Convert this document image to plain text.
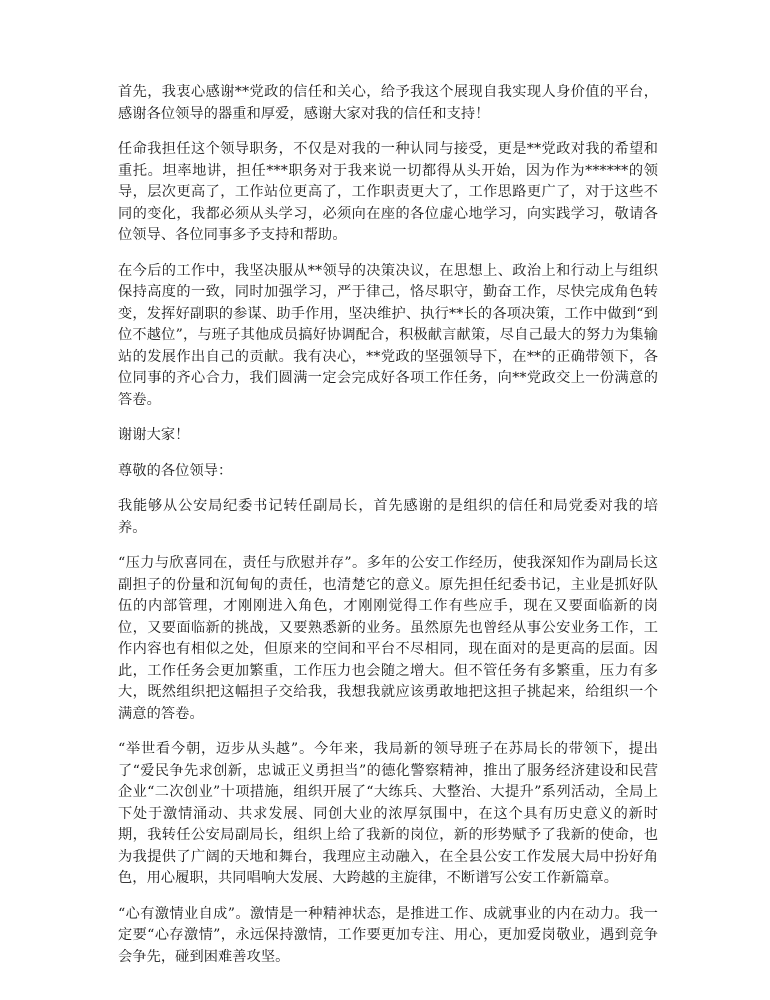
首先，我衷心感谢**党政的信任和关心，给予我这个展现自我实现人身价值的平台，感谢各位领导的器重和厚爱，感谢大家对我的信任和支持！

任命我担任这个领导职务，不仅是对我的一种认同与接受，更是**党政对我的希望和重托。坦率地讲，担任***职务对于我来说一切都得从头开始，因为作为******的领导，层次更高了，工作站位更高了，工作职责更大了，工作思路更广了，对于这些不同的变化，我都必须从头学习，必须向在座的各位虚心地学习，向实践学习，敬请各位领导、各位同事多予支持和帮助。

在今后的工作中，我坚决服从**领导的决策决议，在思想上、政治上和行动上与组织保持高度的一致，同时加强学习，严于律己，恪尽职守，勤奋工作，尽快完成角色转变，发挥好副职的参谋、助手作用，坚决维护、执行**长的各项决策，工作中做到“到位不越位”，与班子其他成员搞好协调配合，积极献言献策，尽自己最大的努力为集输站的发展作出自己的贡献。我有决心，**党政的坚强领导下，在**的正确带领下，各位同事的齐心合力，我们圆满一定会完成好各项工作任务，向**党政交上一份满意的答卷。

谢谢大家！

尊敬的各位领导：

我能够从公安局纪委书记转任副局长，首先感谢的是组织的信任和局党委对我的培养。

“压力与欣喜同在，责任与欣慰并存”。多年的公安工作经历，使我深知作为副局长这副担子的份量和沉甸甸的责任，也清楚它的意义。原先担任纪委书记，主业是抓好队伍的内部管理，才刚刚进入角色，才刚刚觉得工作有些应手，现在又要面临新的岗位，又要面临新的挑战，又要熟悉新的业务。虽然原先也曾经从事公安业务工作，工作内容也有相似之处，但原来的空间和平台不尽相同，现在面对的是更高的层面。因此，工作任务会更加繁重，工作压力也会随之增大。但不管任务有多繁重，压力有多大，既然组织把这幅担子交给我，我想我就应该勇敢地把这担子挑起来，给组织一个满意的答卷。

“举世看今朝，迈步从头越”。今年来，我局新的领导班子在苏局长的带领下，提出了“爱民争先求创新，忠诚正义勇担当”的德化警察精神，推出了服务经济建设和民营企业“二次创业”十项措施，组织开展了“大练兵、大整治、大提升”系列活动，全局上下处于激情涌动、共求发展、同创大业的浓厚氛围中，在这个具有历史意义的新时期，我转任公安局副局长，组织上给了我新的岗位，新的形势赋予了我新的使命，也为我提供了广阔的天地和舞台，我理应主动融入，在全县公安工作发展大局中扮好角色，用心履职，共同唱响大发展、大跨越的主旋律，不断谱写公安工作新篇章。

“心有激情业自成”。激情是一种精神状态，是推进工作、成就事业的内在动力。我一定要“心存激情”，永远保持激情，工作要更加专注、用心，更加爱岗敬业，遇到竞争会争先，碰到困难善攻坚。
